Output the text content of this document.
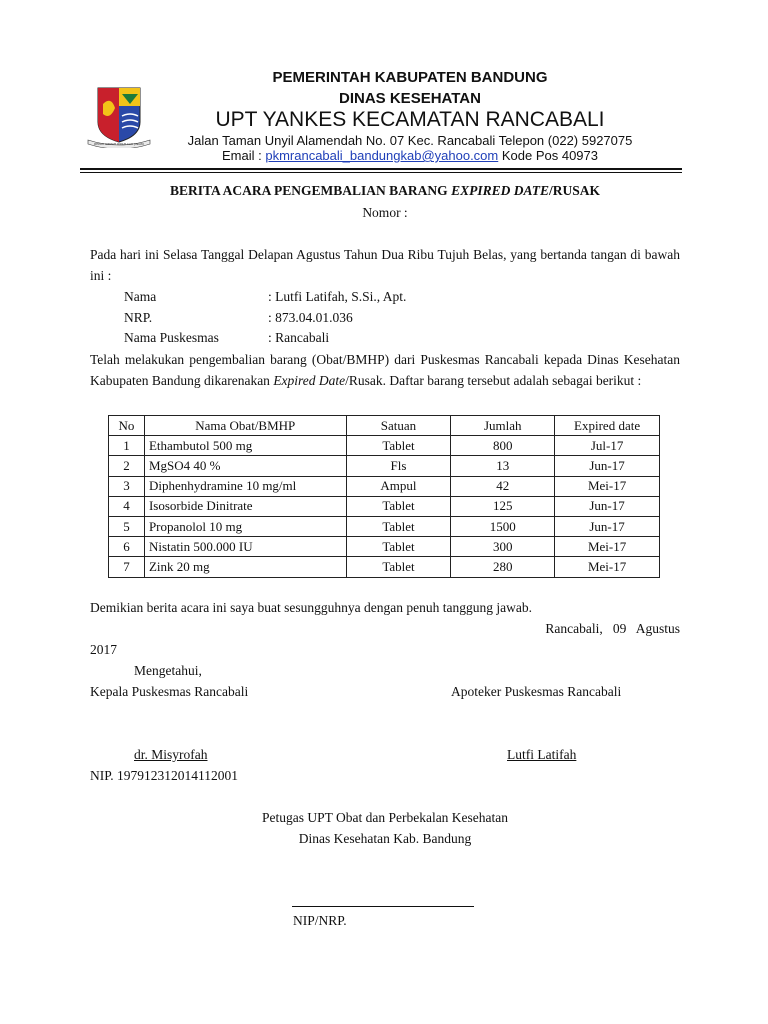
REPAH GEMAH RIPAH LOH JINAWI
PEMERINTAH KABUPATEN BANDUNG
DINAS KESEHATAN
UPT YANKES KECAMATAN RANCABALI
Jalan Taman Unyil Alamendah No. 07 Kec. Rancabali Telepon (022) 5927075
Email : pkmrancabali_bandungkab@yahoo.com Kode Pos 40973
BERITA ACARA PENGEMBALIAN BARANG EXPIRED DATE/RUSAK
Nomor :
Pada hari ini Selasa Tanggal Delapan Agustus Tahun Dua Ribu Tujuh Belas, yang bertanda tangan di bawah ini :
Nama	: Lutfi Latifah, S.Si., Apt.
NRP.	: 873.04.01.036
Nama Puskesmas	: Rancabali
Telah melakukan pengembalian barang (Obat/BMHP) dari Puskesmas Rancabali kepada Dinas Kesehatan Kabupaten Bandung dikarenakan Expired Date/Rusak. Daftar barang tersebut adalah sebagai berikut :
No	Nama Obat/BMHP	Satuan	Jumlah	Expired date
1	Ethambutol 500 mg	Tablet	800	Jul-17
2	MgSO4 40 %	Fls	13	Jun-17
3	Diphenhydramine 10 mg/ml	Ampul	42	Mei-17
4	Isosorbide Dinitrate	Tablet	125	Jun-17
5	Propanolol 10 mg	Tablet	1500	Jun-17
6	Nistatin 500.000 IU	Tablet	300	Mei-17
7	Zink 20 mg	Tablet	280	Mei-17
Demikian berita acara ini saya buat sesungguhnya dengan penuh tanggung jawab.
Rancabali,   09   Agustus
2017
Mengetahui,
Kepala Puskesmas Rancabali	Apoteker Puskesmas Rancabali
dr. Misyrofah	Lutfi Latifah
NIP. 197912312014112001
Petugas UPT Obat dan Perbekalan Kesehatan
Dinas Kesehatan Kab. Bandung
NIP/NRP.
